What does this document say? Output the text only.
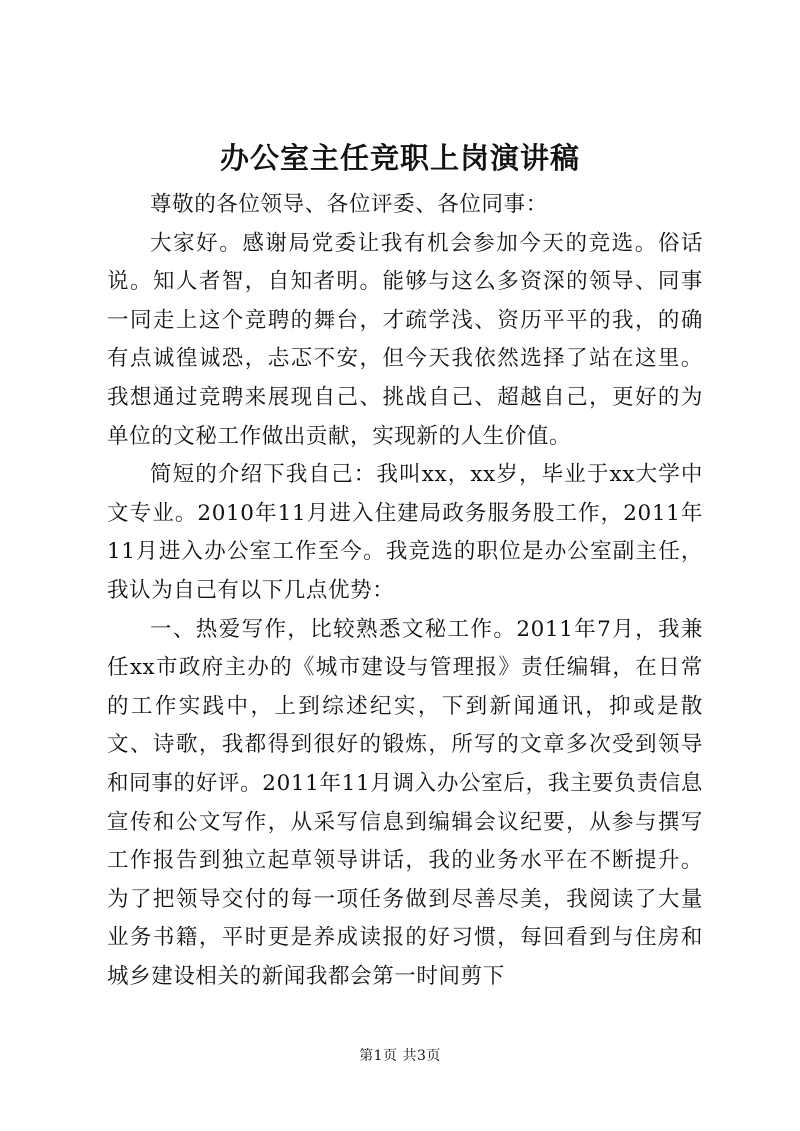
办公室主任竞职上岗演讲稿

尊敬的各位领导、各位评委、各位同事：

大家好。感谢局党委让我有机会参加今天的竞选。俗话说。知人者智，自知者明。能够与这么多资深的领导、同事一同走上这个竞聘的舞台，才疏学浅、资历平平的我，的确有点诚徨诚恐，忐忑不安，但今天我依然选择了站在这里。我想通过竞聘来展现自己、挑战自己、超越自己，更好的为单位的文秘工作做出贡献，实现新的人生价值。

简短的介绍下我自己：我叫xx，xx岁，毕业于xx大学中文专业。2010年11月进入住建局政务服务股工作，2011年11月进入办公室工作至今。我竞选的职位是办公室副主任，我认为自己有以下几点优势：

一、热爱写作，比较熟悉文秘工作。2011年7月，我兼任xx市政府主办的《城市建设与管理报》责任编辑，在日常的工作实践中，上到综述纪实，下到新闻通讯，抑或是散文、诗歌，我都得到很好的锻炼，所写的文章多次受到领导和同事的好评。2011年11月调入办公室后，我主要负责信息宣传和公文写作，从采写信息到编辑会议纪要，从参与撰写工作报告到独立起草领导讲话，我的业务水平在不断提升。为了把领导交付的每一项任务做到尽善尽美，我阅读了大量业务书籍，平时更是养成读报的好习惯，每回看到与住房和城乡建设相关的新闻我都会第一时间剪下

第1页 共3页
